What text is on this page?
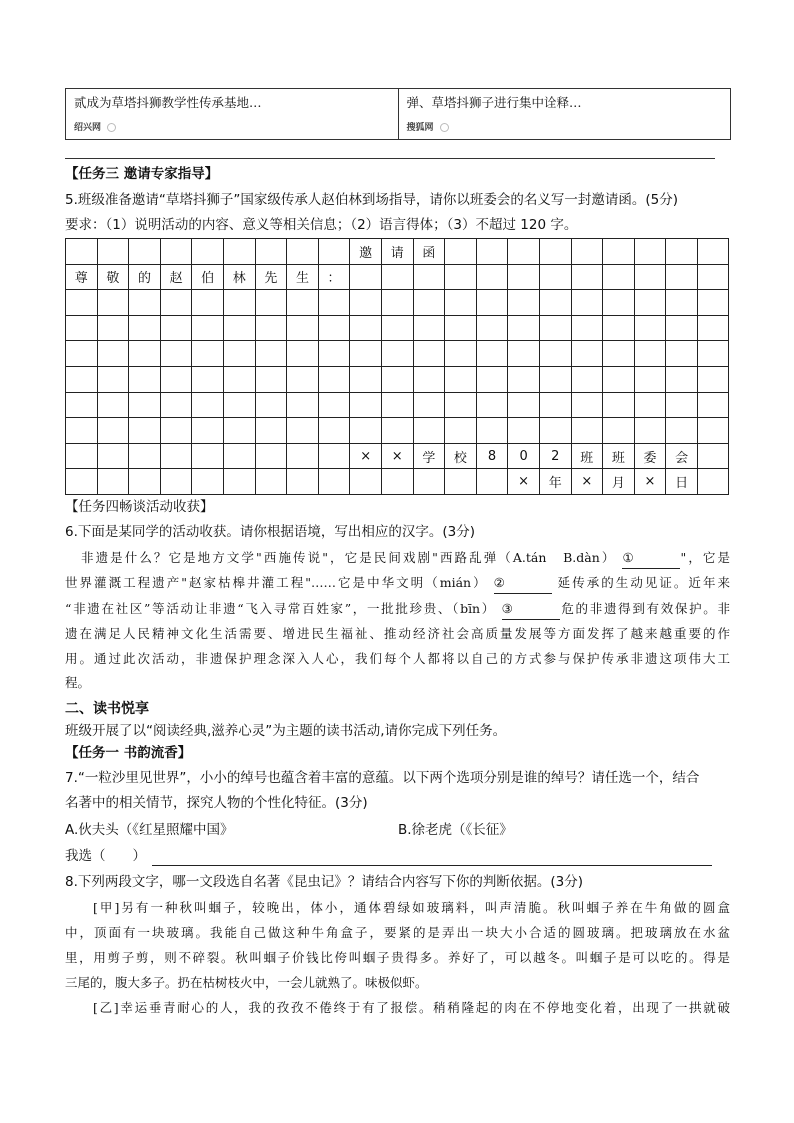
贰成为草塔抖狮教学性传承基地…
绍兴网
弹、草塔抖狮子进行集中诠释…
搜狐网
【任务三 邀请专家指导】
5.班级准备邀请“草塔抖狮子”国家级传承人赵伯林到场指导，请你以班委会的名义写一封邀请函。(5分)
要求：（1）说明活动的内容、意义等相关信息；（2）语言得体；（3）不超过 120 字。
									邀	请	函									
尊	敬	的	赵	伯	林	先	生	：												

									×	×	学	校	8	0	2	班	班	委	会	
														×	年	×	月	×	日	
【任务四畅谈活动收获】
6.下面是某同学的活动收获。请你根据语境，写出相应的汉字。(3分)
非遗是什么？它是地方文学"西施传说"，它是民间戏剧"西路乱弹（A.tán　B.dàn） ①	"，它是
世界灌溉工程遗产"赵家枯槔井灌工程"……它是中华文明（mián） ②	延传承的生动见证。近年来
“非遗在社区”等活动让非遗“飞入寻常百姓家”，一批批珍贵、（bīn） ③	危的非遗得到有效保护。非
遗在满足人民精神文化生活需要、增进民生福祉、推动经济社会高质量发展等方面发挥了越来越重要的作
用。通过此次活动，非遗保护理念深入人心，我们每个人都将以自己的方式参与保护传承非遗这项伟大工
程。
二、读书悦享
班级开展了以“阅读经典,滋养心灵”为主题的读书活动,请你完成下列任务。
【任务一 书韵流香】
7.“一粒沙里见世界”，小小的绰号也蕴含着丰富的意蕴。以下两个选项分别是谁的绰号？请任选一个，结合
名著中的相关情节，探究人物的个性化特征。(3分)
A.伙夫头（《红星照耀中国》	B.徐老虎（《长征》
我选（　　）
8.下列两段文字，哪一文段选自名著《昆虫记》？请结合内容写下你的判断依据。(3分)
[甲]另有一种秋叫蝈子，较晚出，体小，通体碧绿如玻璃料，叫声清脆。秋叫蝈子养在牛角做的圆盒
中，顶面有一块玻璃。我能自己做这种牛角盒子，要紧的是弄出一块大小合适的圆玻璃。把玻璃放在水盆
里，用剪子剪，则不碎裂。秋叫蝈子价钱比侉叫蝈子贵得多。养好了，可以越冬。叫蝈子是可以吃的。得是
三尾的，腹大多子。扔在枯树枝火中，一会儿就熟了。味极似虾。
[乙]幸运垂青耐心的人，我的孜孜不倦终于有了报偿。稍稍隆起的肉在不停地变化着，出现了一拱就破
